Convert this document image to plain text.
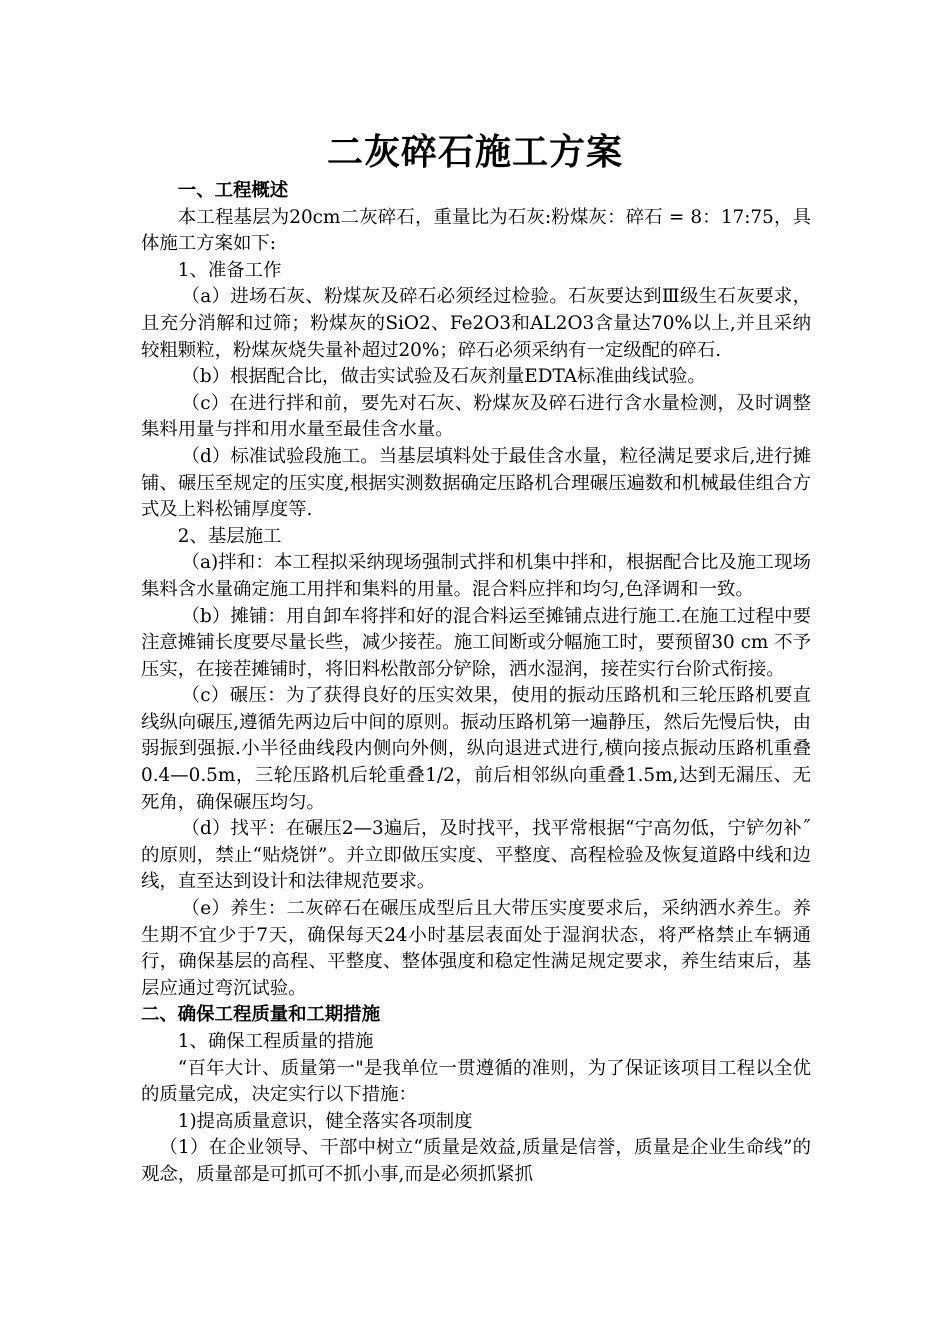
二灰碎石施工方案

一、工程概述

本工程基层为20cm二灰碎石，重量比为石灰:粉煤灰：碎石 = 8：17:75，具体施工方案如下:

1、准备工作

（a）进场石灰、粉煤灰及碎石必须经过检验。石灰要达到Ⅲ级生石灰要求，且充分消解和过筛；粉煤灰的SiO2、Fe2O3和AL2O3含量达70%以上,并且采纳较粗颗粒，粉煤灰烧失量补超过20%；碎石必须采纳有一定级配的碎石.

（b）根据配合比，做击实试验及石灰剂量EDTA标准曲线试验。

（c）在进行拌和前，要先对石灰、粉煤灰及碎石进行含水量检测，及时调整集料用量与拌和用水量至最佳含水量。

（d）标准试验段施工。当基层填料处于最佳含水量，粒径满足要求后,进行摊铺、碾压至规定的压实度,根据实测数据确定压路机合理碾压遍数和机械最佳组合方式及上料松铺厚度等.

2、基层施工

（a)拌和：本工程拟采纳现场强制式拌和机集中拌和，根据配合比及施工现场集料含水量确定施工用拌和集料的用量。混合料应拌和均匀,色泽调和一致。

（b）摊铺：用自卸车将拌和好的混合料运至摊铺点进行施工.在施工过程中要注意摊铺长度要尽量长些，减少接茬。施工间断或分幅施工时，要预留30 cm 不予压实，在接茬摊铺时，将旧料松散部分铲除，洒水湿润，接茬实行台阶式衔接。

（c）碾压：为了获得良好的压实效果，使用的振动压路机和三轮压路机要直线纵向碾压,遵循先两边后中间的原则。振动压路机第一遍静压，然后先慢后快，由弱振到强振.小半径曲线段内侧向外侧，纵向退进式进行,横向接点振动压路机重叠0.4—0.5m，三轮压路机后轮重叠1/2，前后相邻纵向重叠1.5m,达到无漏压、无死角，确保碾压均匀。

（d）找平：在碾压2—3遍后，及时找平，找平常根据“宁高勿低，宁铲勿补˝的原则，禁止“贴烧饼”。并立即做压实度、平整度、高程检验及恢复道路中线和边线，直至达到设计和法律规范要求。

（e）养生：二灰碎石在碾压成型后且大带压实度要求后，采纳洒水养生。养生期不宜少于7天，确保每天24小时基层表面处于湿润状态，将严格禁止车辆通行，确保基层的高程、平整度、整体强度和稳定性满足规定要求，养生结束后，基层应通过弯沉试验。

二、确保工程质量和工期措施

1、确保工程质量的措施

“百年大计、质量第一"是我单位一贯遵循的准则，为了保证该项目工程以全优的质量完成，决定实行以下措施：

1)提高质量意识，健全落实各项制度

（1）在企业领导、干部中树立“质量是效益,质量是信誉，质量是企业生命线”的观念，质量部是可抓可不抓小事,而是必须抓紧抓
